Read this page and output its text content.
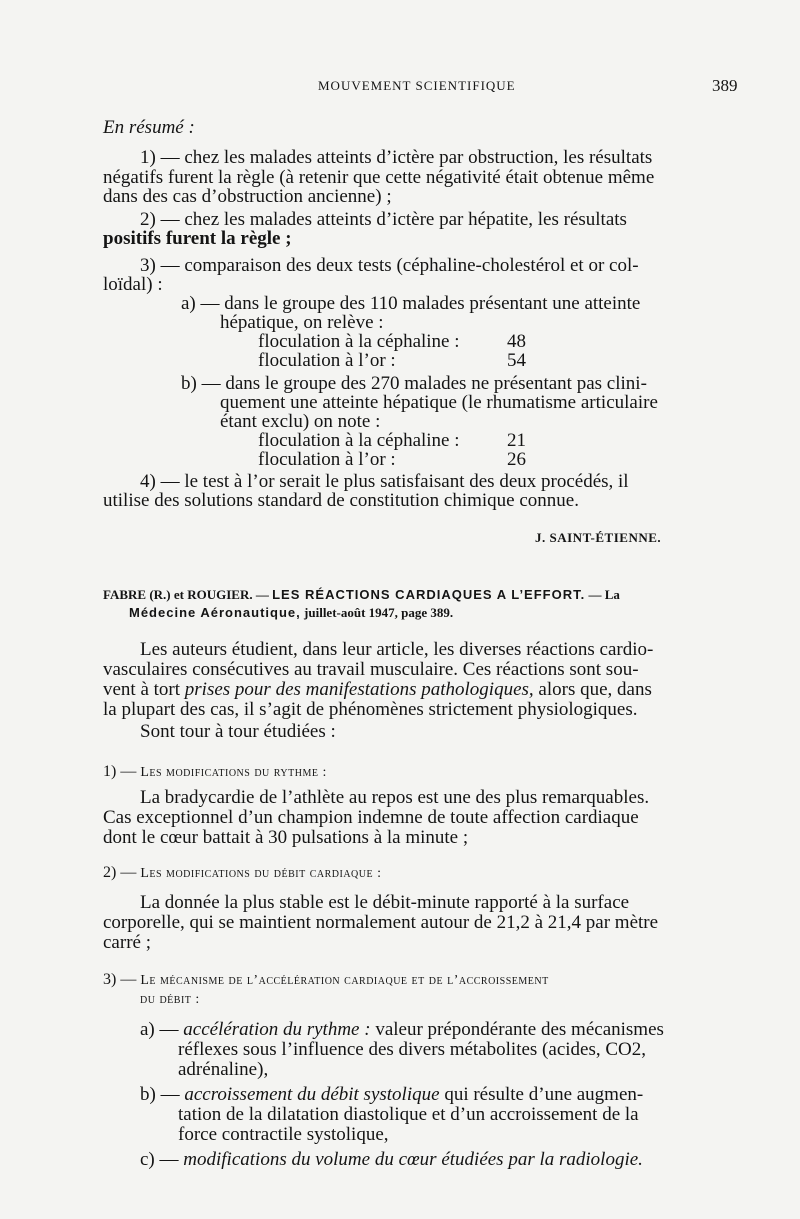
MOUVEMENT SCIENTIFIQUE	389
En résumé :
1) — chez les malades atteints d’ictère par obstruction, les résultats
négatifs furent la règle (à retenir que cette négativité était obtenue même
dans des cas d’obstruction ancienne) ;
2) — chez les malades atteints d’ictère par hépatite, les résultats
positifs furent la règle ;
3) — comparaison des deux tests (céphaline-cholestérol et or col-
loïdal) :
a) — dans le groupe des 110 malades présentant une atteinte
hépatique, on relève :
floculation à la céphaline : 48
floculation à l’or :	54
b) — dans le groupe des 270 malades ne présentant pas clini-
quement une atteinte hépatique (le rhumatisme articulaire
étant exclu) on note :
floculation à la céphaline : 21
floculation à l’or :	26
4) — le test à l’or serait le plus satisfaisant des deux procédés, il
utilise des solutions standard de constitution chimique connue.
J. SAINT-ÉTIENNE.
FABRE (R.) et ROUGIER. — LES RÉACTIONS CARDIAQUES A L’EFFORT. — La
Médecine Aéronautique, juillet-août 1947, page 389.
Les auteurs étudient, dans leur article, les diverses réactions cardio-
vasculaires consécutives au travail musculaire. Ces réactions sont sou-
vent à tort prises pour des manifestations pathologiques, alors que, dans
la plupart des cas, il s’agit de phénomènes strictement physiologiques.
Sont tour à tour étudiées :
1) — Les modifications du rythme :
La bradycardie de l’athlète au repos est une des plus remarquables.
Cas exceptionnel d’un champion indemne de toute affection cardiaque
dont le cœur battait à 30 pulsations à la minute ;
2) — Les modifications du débit cardiaque :
La donnée la plus stable est le débit-minute rapporté à la surface
corporelle, qui se maintient normalement autour de 21,2 à 21,4 par mètre
carré ;
3) — Le mécanisme de l’accélération cardiaque et de l’accroissement
du débit :
a) — accélération du rythme : valeur prépondérante des mécanismes
réflexes sous l’influence des divers métabolites (acides, CO2,
adrénaline),
b) — accroissement du débit systolique qui résulte d’une augmen-
tation de la dilatation diastolique et d’un accroissement de la
force contractile systolique,
c) — modifications du volume du cœur étudiées par la radiologie.
